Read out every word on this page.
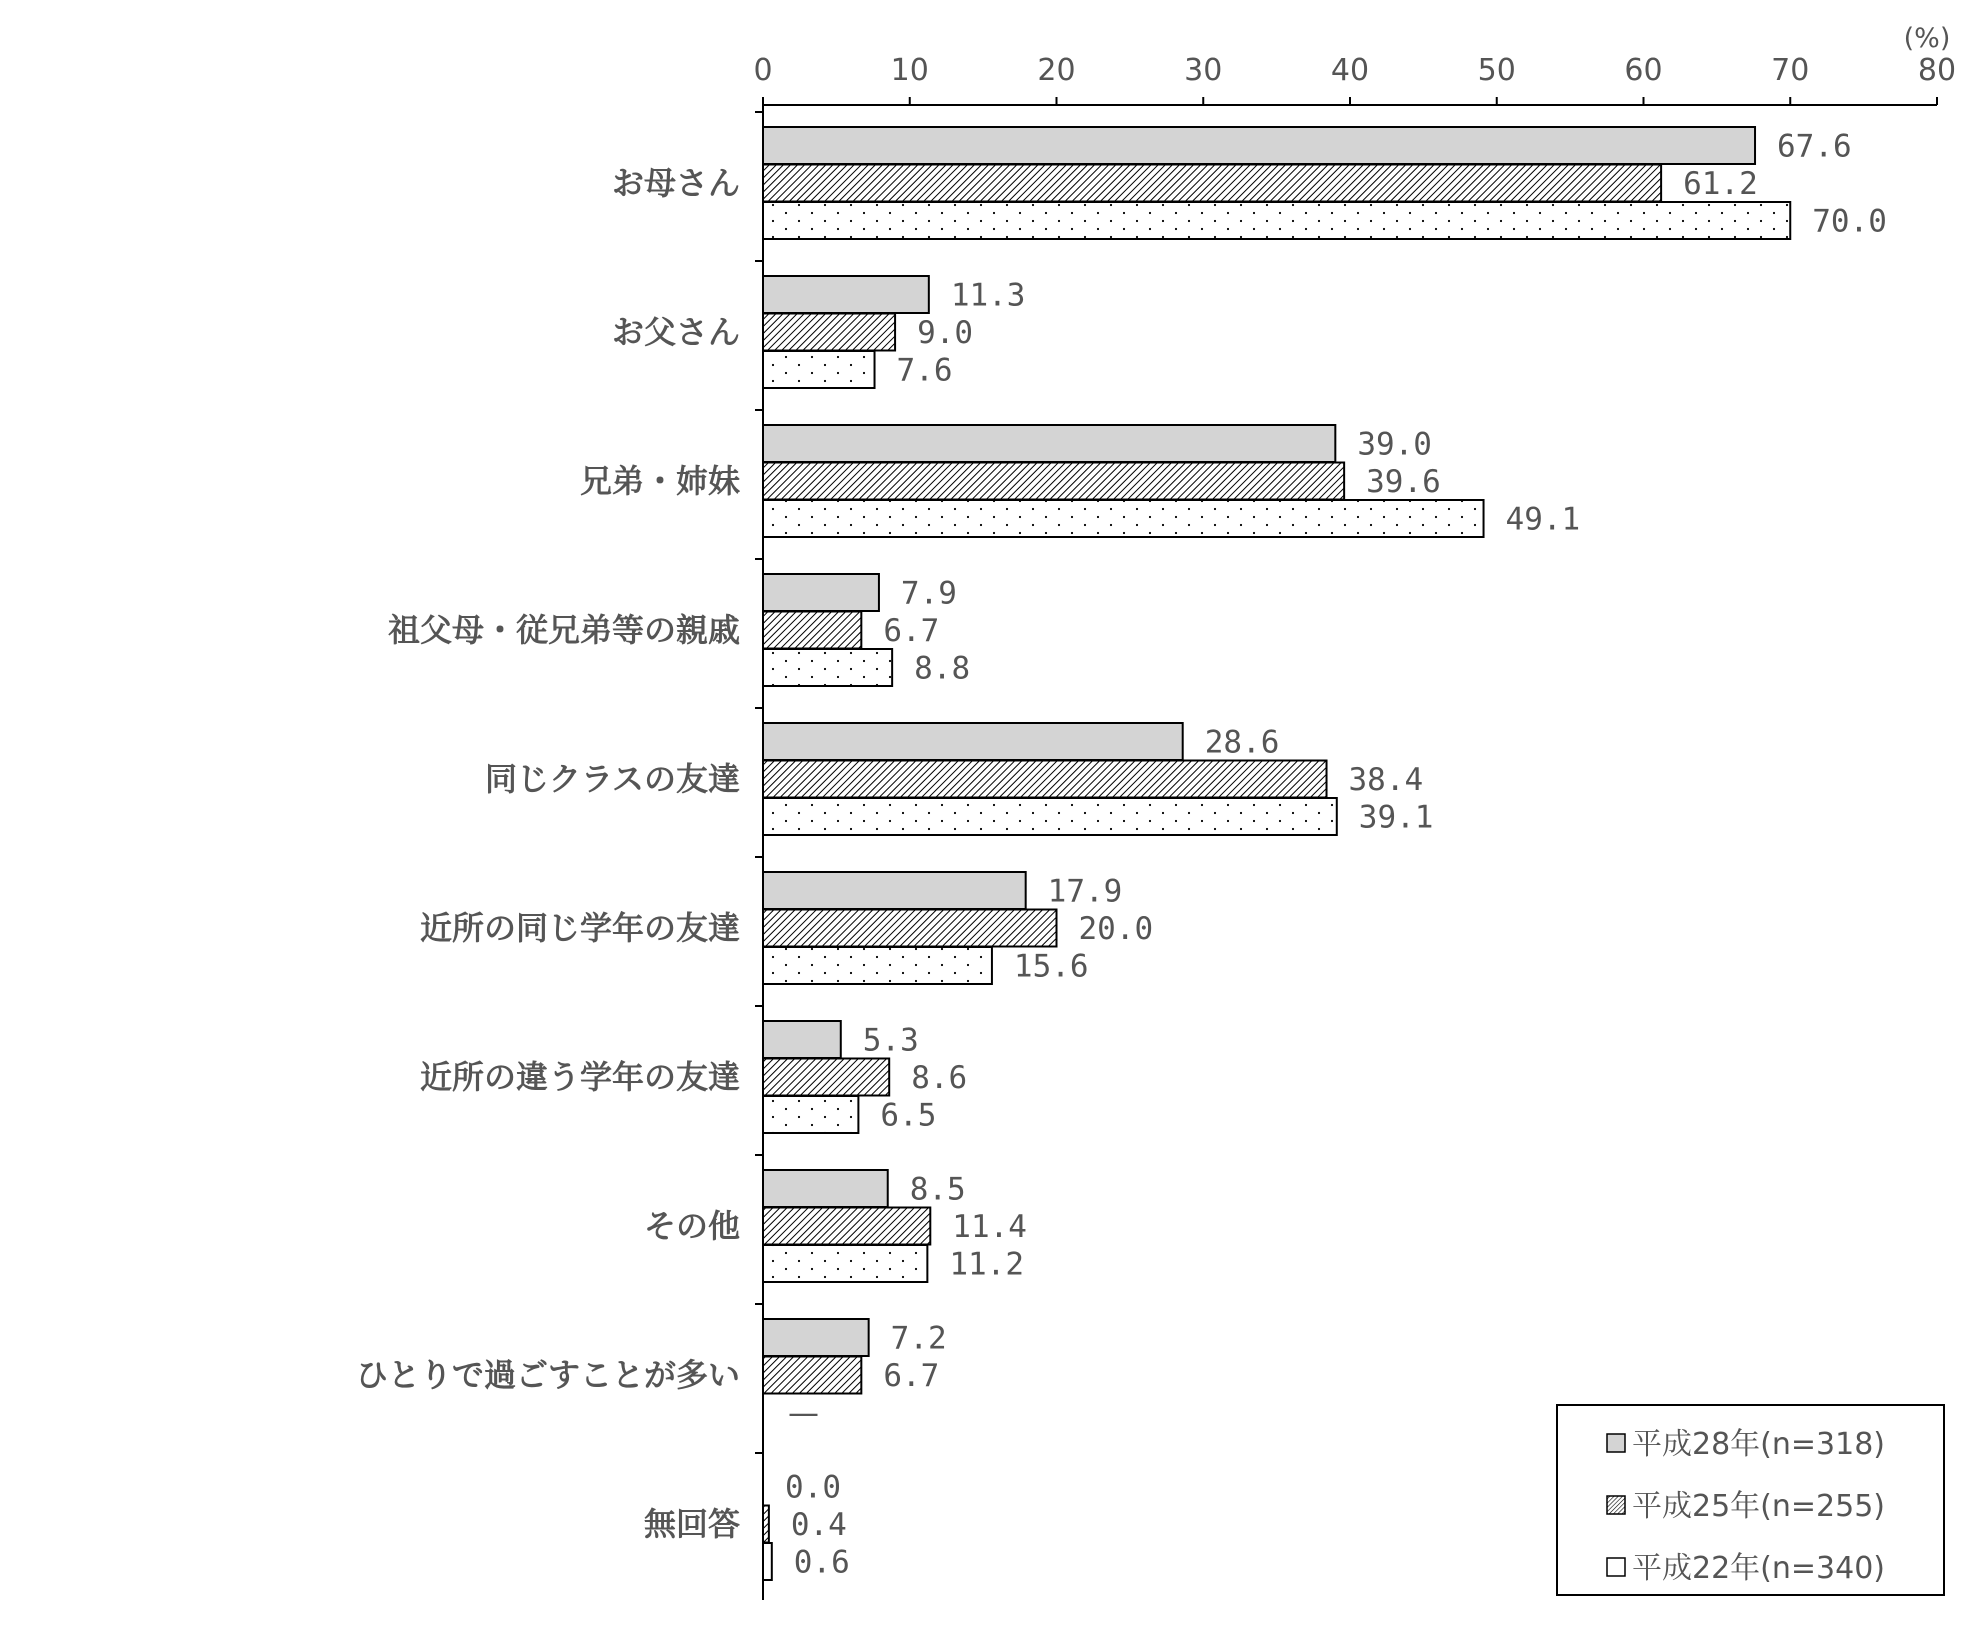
0	10	20	30	40	50	60	70	80
(%)
お母さん
お父さん
兄弟・姉妹
祖父母・従兄弟等の親戚
同じクラスの友達
近所の同じ学年の友達
近所の違う学年の友達
その他
ひとりで過ごすことが多い
無回答
67.6
61.2
70.0
11.3
9.0
7.6
39.0
39.6
49.1
7.9
6.7
8.8
28.6
38.4
39.1
17.9
20.0
15.6
5.3
8.6
6.5
8.5
11.4
11.2
7.2
6.7
—
0.0
0.4
0.6
平成28年(n=318)
平成25年(n=255)
平成22年(n=340)
